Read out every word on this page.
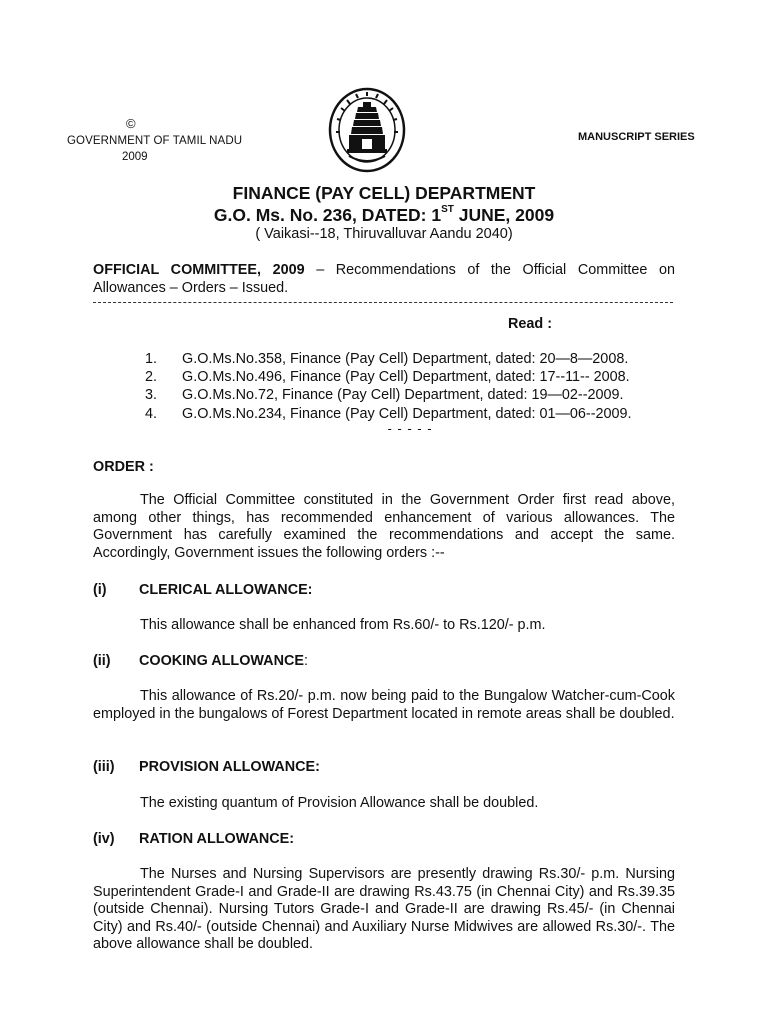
©
GOVERNMENT OF TAMIL NADU
2009
MANUSCRIPT SERIES
FINANCE (PAY CELL) DEPARTMENT
G.O. Ms. No. 236, DATED: 1ST JUNE, 2009
( Vaikasi--18, Thiruvalluvar Aandu 2040)
OFFICIAL COMMITTEE, 2009 – Recommendations of the Official Committee on Allowances – Orders – Issued.
Read :
1.	G.O.Ms.No.358, Finance (Pay Cell) Department, dated: 20—8—2008.
2.	G.O.Ms.No.496, Finance (Pay Cell) Department, dated: 17--11-- 2008.
3.	G.O.Ms.No.72, Finance (Pay Cell) Department, dated: 19—02--2009.
4.	G.O.Ms.No.234, Finance (Pay Cell) Department, dated: 01—06--2009.
- - - - -
ORDER :
The Official Committee constituted in the Government Order first read above, among other things, has recommended enhancement of various allowances. The Government has carefully examined the recommendations and accept the same. Accordingly, Government issues the following orders :--
(i)	CLERICAL ALLOWANCE:
This allowance shall be enhanced from Rs.60/- to Rs.120/- p.m.
(ii)	COOKING ALLOWANCE :
This allowance of Rs.20/- p.m. now being paid to the Bungalow Watcher-cum-Cook employed in the bungalows of Forest Department located in remote areas shall be doubled.
(iii)	PROVISION ALLOWANCE:
The existing quantum of Provision Allowance shall be doubled.
(iv)	RATION ALLOWANCE:
The Nurses and Nursing Supervisors are presently drawing Rs.30/- p.m. Nursing Superintendent Grade-I and Grade-II are drawing Rs.43.75 (in Chennai City) and Rs.39.35 (outside Chennai). Nursing Tutors Grade-I and Grade-II are drawing Rs.45/- (in Chennai City) and Rs.40/- (outside Chennai) and Auxiliary Nurse Midwives are allowed Rs.30/-. The above allowance shall be doubled.
